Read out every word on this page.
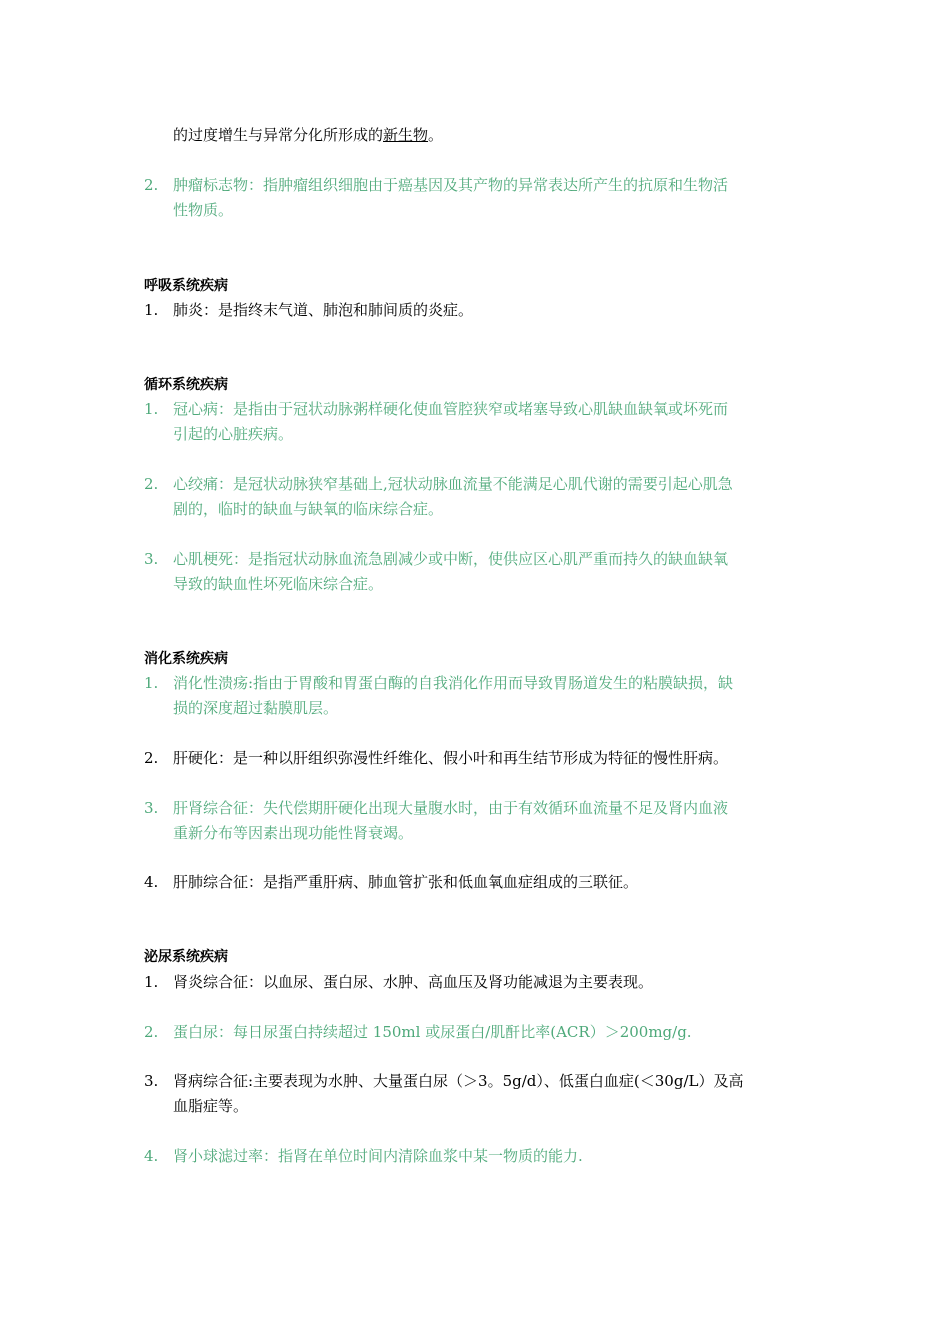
的过度增生与异常分化所形成的新生物。
2. 肿瘤标志物：指肿瘤组织细胞由于癌基因及其产物的异常表达所产生的抗原和生物活
性物质。
呼吸系统疾病
1. 肺炎：是指终末气道、肺泡和肺间质的炎症。
循环系统疾病
1. 冠心病：是指由于冠状动脉粥样硬化使血管腔狭窄或堵塞导致心肌缺血缺氧或坏死而
引起的心脏疾病。
2. 心绞痛：是冠状动脉狭窄基础上,冠状动脉血流量不能满足心肌代谢的需要引起心肌急
剧的，临时的缺血与缺氧的临床综合症。
3. 心肌梗死：是指冠状动脉血流急剧减少或中断，使供应区心肌严重而持久的缺血缺氧
导致的缺血性坏死临床综合症。
消化系统疾病
1. 消化性溃疡:指由于胃酸和胃蛋白酶的自我消化作用而导致胃肠道发生的粘膜缺损，缺
损的深度超过黏膜肌层。
2. 肝硬化：是一种以肝组织弥漫性纤维化、假小叶和再生结节形成为特征的慢性肝病。
3. 肝肾综合征：失代偿期肝硬化出现大量腹水时，由于有效循环血流量不足及肾内血液
重新分布等因素出现功能性肾衰竭。
4. 肝肺综合征：是指严重肝病、肺血管扩张和低血氧血症组成的三联征。
泌尿系统疾病
1. 肾炎综合征：以血尿、蛋白尿、水肿、高血压及肾功能减退为主要表现。
2. 蛋白尿：每日尿蛋白持续超过 150ml 或尿蛋白/肌酐比率(ACR）＞200mg/g.
3. 肾病综合征:主要表现为水肿、大量蛋白尿（＞3。5g/d）、低蛋白血症(＜30g/L）及高
血脂症等。
4. 肾小球滤过率：指肾在单位时间内清除血浆中某一物质的能力.
